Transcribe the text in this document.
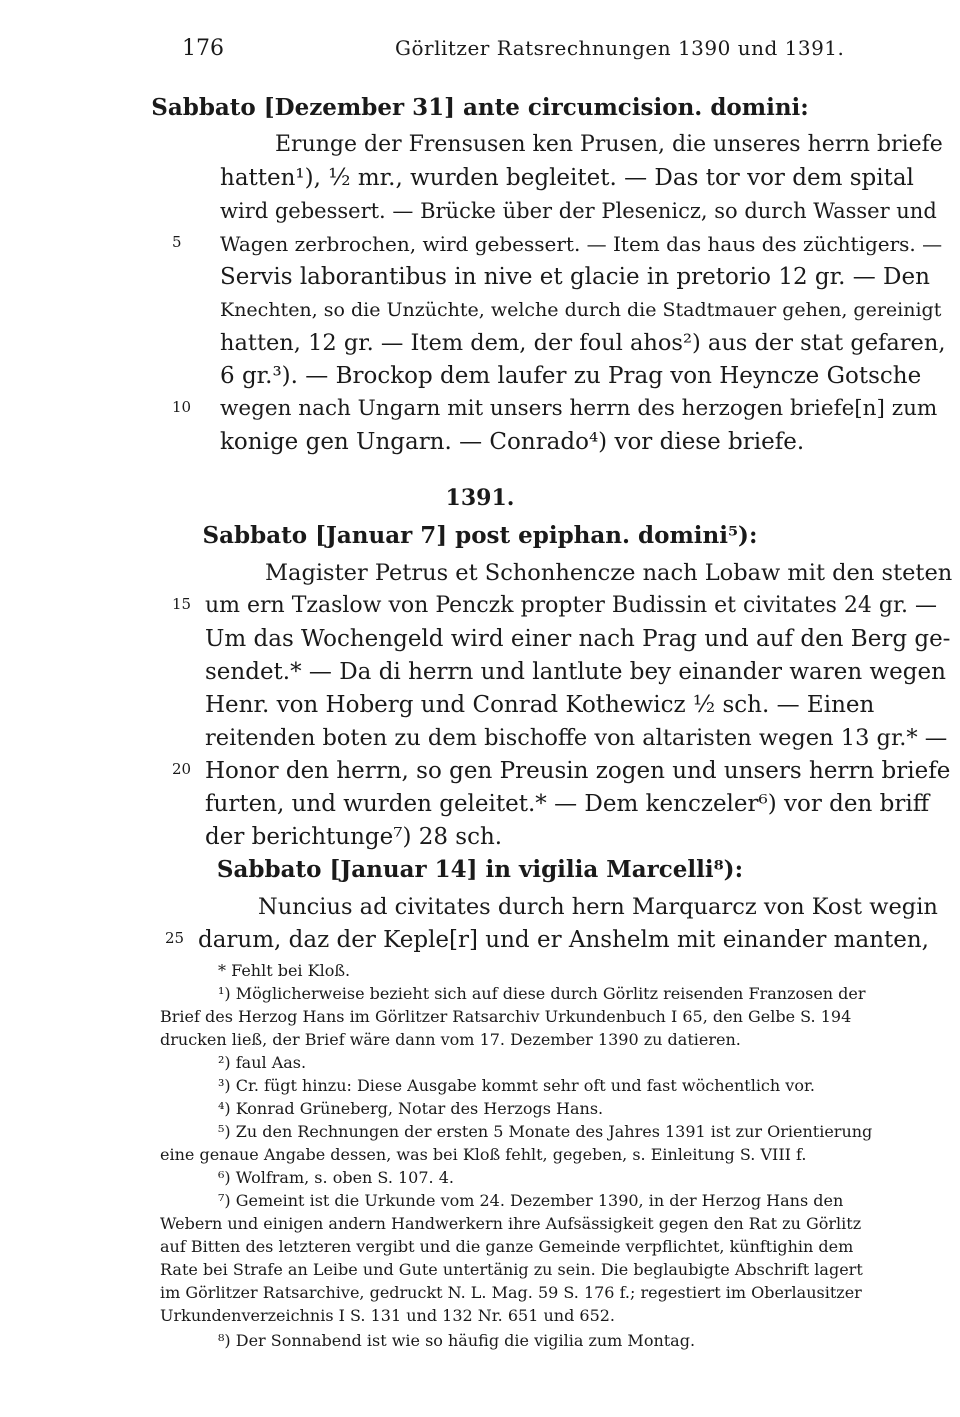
176	Görlitzer Ratsrechnungen 1390 und 1391.
Sabbato [Dezember 31] ante circumcision. domini:
Erunge der Frensusen ken Prusen, die unseres herrn briefe
hatten¹), ½ mr., wurden begleitet. — Das tor vor dem spital
wird gebessert. — Brücke über der Plesenicz, so durch Wasser und
5 Wagen zerbrochen, wird gebessert. — Item das haus des züchtigers. —
Servis laborantibus in nive et glacie in pretorio 12 gr. — Den
Knechten, so die Unzüchte, welche durch die Stadtmauer gehen, gereinigt
hatten, 12 gr. — Item dem, der foul ahos²) aus der stat gefaren,
6 gr.³). — Brockop dem laufer zu Prag von Heyncze Gotsche
10 wegen nach Ungarn mit unsers herrn des herzogen briefe[n] zum
konige gen Ungarn. — Conrado⁴) vor diese briefe.
1391.
Sabbato [Januar 7] post epiphan. domini⁵):
Magister Petrus et Schonhencze nach Lobaw mit den steten
15 um ern Tzaslow von Penczk propter Budissin et civitates 24 gr. —
Um das Wochengeld wird einer nach Prag und auf den Berg ge-
sendet.* — Da di herrn und lantlute bey einander waren wegen
Henr. von Hoberg und Conrad Kothewicz ½ sch. — Einen
reitenden boten zu dem bischoffe von altaristen wegen 13 gr.* —
20 Honor den herrn, so gen Preusin zogen und unsers herrn briefe
furten, und wurden geleitet.* — Dem kenczeler⁶) vor den briff
der berichtunge⁷) 28 sch.
Sabbato [Januar 14] in vigilia Marcelli⁸):
Nuncius ad civitates durch hern Marquarcz von Kost wegin
25 darum, daz der Keple[r] und er Anshelm mit einander manten,
* Fehlt bei Kloß.
¹) Möglicherweise bezieht sich auf diese durch Görlitz reisenden Franzosen der
Brief des Herzog Hans im Görlitzer Ratsarchiv Urkundenbuch I 65, den Gelbe S. 194
drucken ließ, der Brief wäre dann vom 17. Dezember 1390 zu datieren.
²) faul Aas.
³) Cr. fügt hinzu: Diese Ausgabe kommt sehr oft und fast wöchentlich vor.
⁴) Konrad Grüneberg, Notar des Herzogs Hans.
⁵) Zu den Rechnungen der ersten 5 Monate des Jahres 1391 ist zur Orientierung
eine genaue Angabe dessen, was bei Kloß fehlt, gegeben, s. Einleitung S. VIII f.
⁶) Wolfram, s. oben S. 107. 4.
⁷) Gemeint ist die Urkunde vom 24. Dezember 1390, in der Herzog Hans den
Webern und einigen andern Handwerkern ihre Aufsässigkeit gegen den Rat zu Görlitz
auf Bitten des letzteren vergibt und die ganze Gemeinde verpflichtet, künftighin dem
Rate bei Strafe an Leibe und Gute untertänig zu sein. Die beglaubigte Abschrift lagert
im Görlitzer Ratsarchive, gedruckt N. L. Mag. 59 S. 176 f.; regestiert im Oberlausitzer
Urkundenverzeichnis I S. 131 und 132 Nr. 651 und 652.
⁸) Der Sonnabend ist wie so häufig die vigilia zum Montag.
